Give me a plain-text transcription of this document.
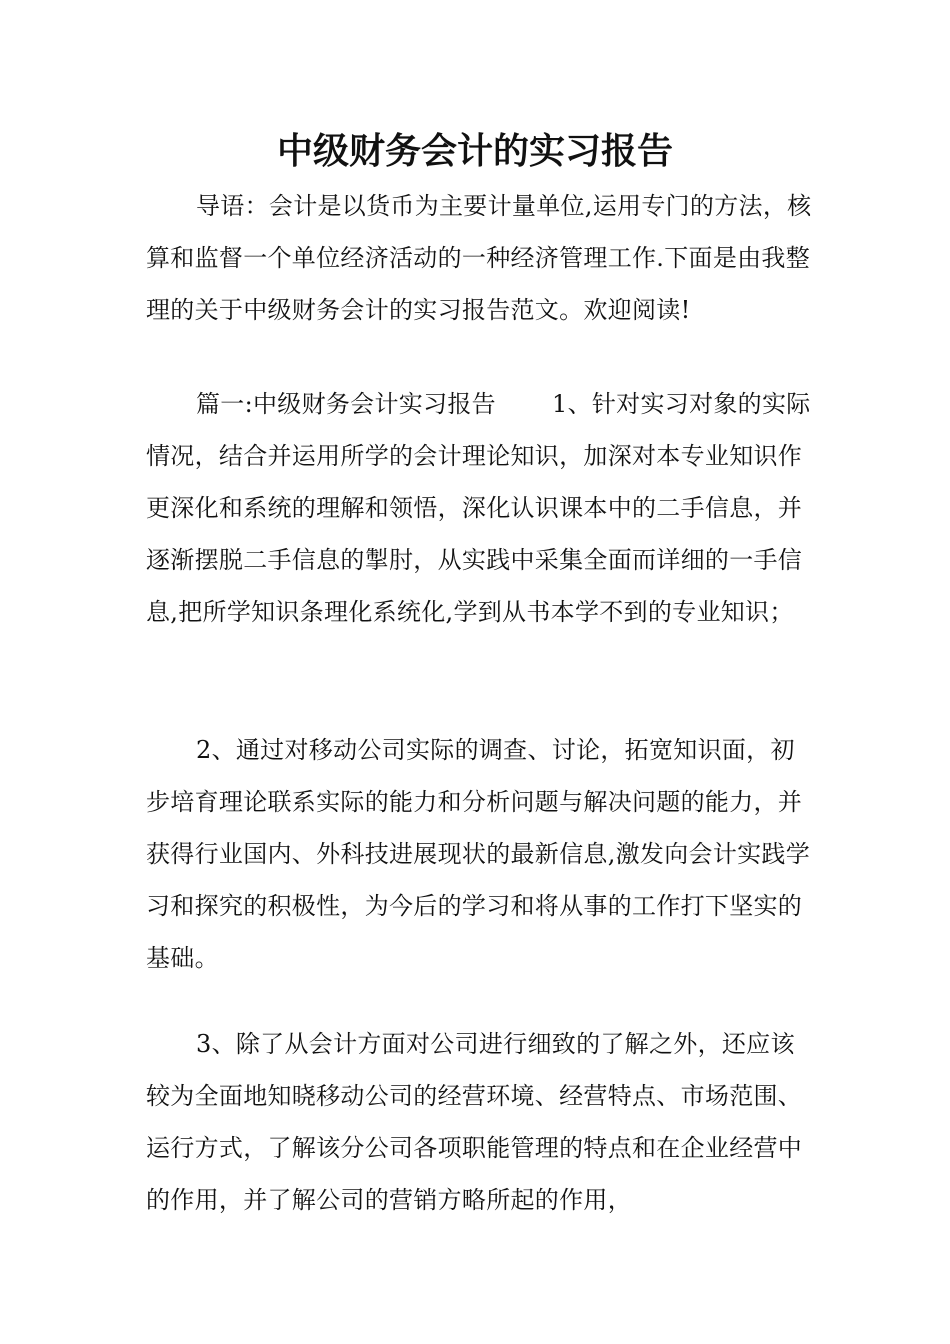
中级财务会计的实习报告

导语：会计是以货币为主要计量单位,运用专门的方法，核算和监督一个单位经济活动的一种经济管理工作.下面是由我整理的关于中级财务会计的实习报告范文。欢迎阅读!

篇一:中级财务会计实习报告 1、针对实习对象的实际情况，结合并运用所学的会计理论知识，加深对本专业知识作更深化和系统的理解和领悟，深化认识课本中的二手信息，并逐渐摆脱二手信息的掣肘，从实践中采集全面而详细的一手信息,把所学知识条理化系统化,学到从书本学不到的专业知识；

2、通过对移动公司实际的调查、讨论，拓宽知识面，初步培育理论联系实际的能力和分析问题与解决问题的能力，并获得行业国内、外科技进展现状的最新信息,激发向会计实践学习和探究的积极性，为今后的学习和将从事的工作打下坚实的基础。

3、除了从会计方面对公司进行细致的了解之外，还应该较为全面地知晓移动公司的经营环境、经营特点、市场范围、运行方式，了解该分公司各项职能管理的特点和在企业经营中的作用，并了解公司的营销方略所起的作用，
